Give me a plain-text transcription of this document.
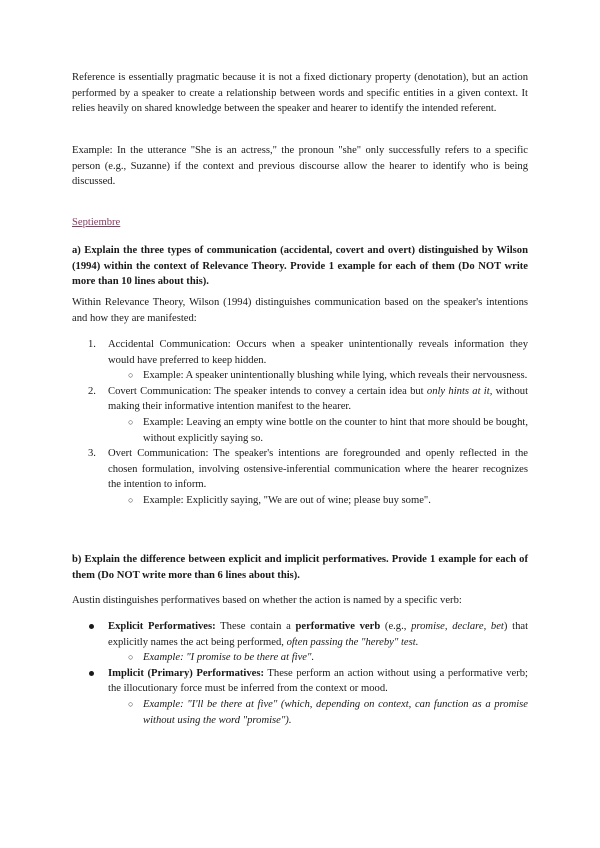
Reference is essentially pragmatic because it is not a fixed dictionary property (denotation), but an action performed by a speaker to create a relationship between words and specific entities in a given context. It relies heavily on shared knowledge between the speaker and hearer to identify the intended referent.

Example: In the utterance "She is an actress," the pronoun "she" only successfully refers to a specific person (e.g., Suzanne) if the context and previous discourse allow the hearer to identify who is being discussed.

Septiembre

a) Explain the three types of communication (accidental, covert and overt) distinguished by Wilson (1994) within the context of Relevance Theory. Provide 1 example for each of them (Do NOT write more than 10 lines about this).

Within Relevance Theory, Wilson (1994) distinguishes communication based on the speaker's intentions and how they are manifested:

1. Accidental Communication: Occurs when a speaker unintentionally reveals information they would have preferred to keep hidden.
○ Example: A speaker unintentionally blushing while lying, which reveals their nervousness.
2. Covert Communication: The speaker intends to convey a certain idea but only hints at it, without making their informative intention manifest to the hearer.
○ Example: Leaving an empty wine bottle on the counter to hint that more should be bought, without explicitly saying so.
3. Overt Communication: The speaker's intentions are foregrounded and openly reflected in the chosen formulation, involving ostensive-inferential communication where the hearer recognizes the intention to inform.
○ Example: Explicitly saying, "We are out of wine; please buy some".

b) Explain the difference between explicit and implicit performatives. Provide 1 example for each of them (Do NOT write more than 6 lines about this).

Austin distinguishes performatives based on whether the action is named by a specific verb:

Explicit Performatives: These contain a performative verb (e.g., promise, declare, bet) that explicitly names the act being performed, often passing the "hereby" test.
○ Example: "I promise to be there at five".
Implicit (Primary) Performatives: These perform an action without using a performative verb; the illocutionary force must be inferred from the context or mood.
○ Example: "I'll be there at five" (which, depending on context, can function as a promise without using the word "promise").
